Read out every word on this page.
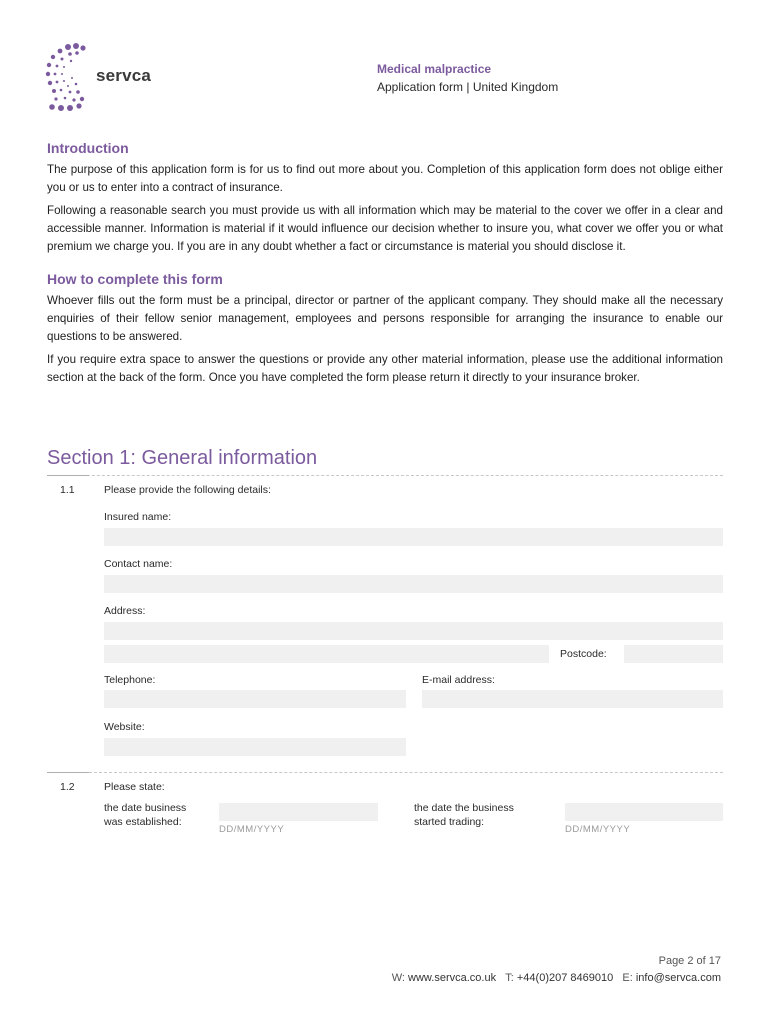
servca	Medical malpractice
Application form | United Kingdom
Introduction

The purpose of this application form is for us to find out more about you. Completion of this application form does not oblige either you or us to enter into a contract of insurance.

Following a reasonable search you must provide us with all information which may be material to the cover we offer in a clear and accessible manner. Information is material if it would influence our decision whether to insure you, what cover we offer you or what premium we charge you. If you are in any doubt whether a fact or circumstance is material you should disclose it.

How to complete this form

Whoever fills out the form must be a principal, director or partner of the applicant company. They should make all the necessary enquiries of their fellow senior management, employees and persons responsible for arranging the insurance to enable our questions to be answered.

If you require extra space to answer the questions or provide any other material information, please use the additional information section at the back of the form. Once you have completed the form please return it directly to your insurance broker.

Section 1: General information
1.1	Please provide the following details:
Insured name:
Contact name:
Address:
Postcode:
Telephone:	E-mail address:
Website:
1.2	Please state:
the date business
was established:
DD/MM/YYYY
the date the business
started trading:
DD/MM/YYYY
Page 2 of 17
W: www.servca.co.uk T: +44(0)207 8469010 E: info@servca.com
